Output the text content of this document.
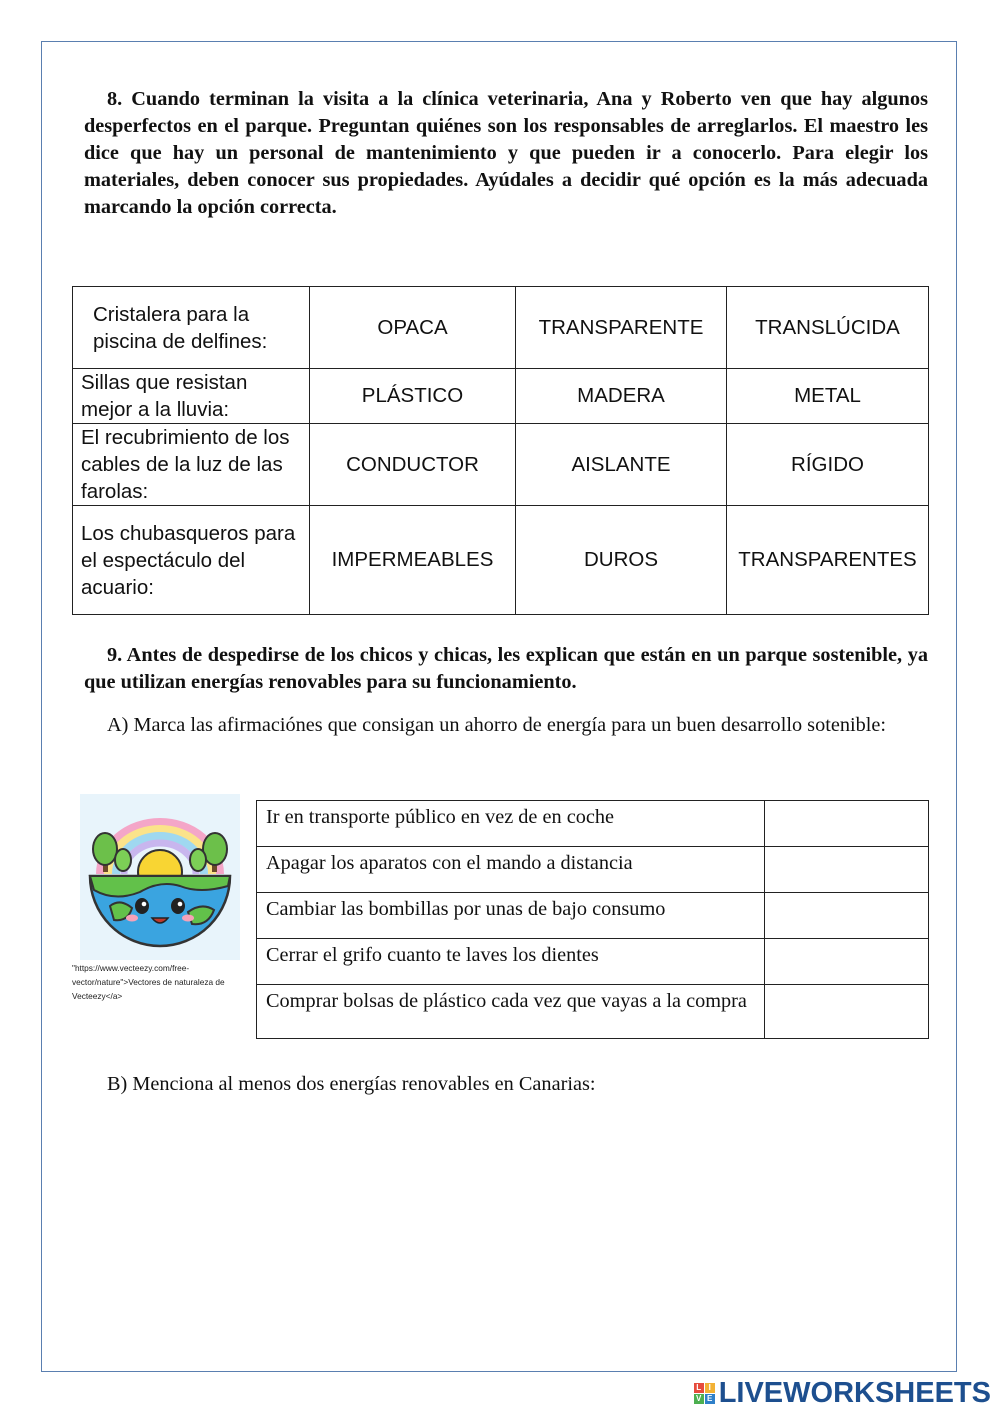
8. Cuando terminan la visita a la clínica veterinaria, Ana y Roberto ven que hay algunos desperfectos en el parque. Preguntan quiénes son los responsables de arreglarlos. El maestro les dice que hay un personal de mantenimiento y que pueden ir a conocerlo. Para elegir los materiales, deben conocer sus propiedades. Ayúdales a decidir qué opción es la más adecuada marcando la opción correcta.

Cristalera para la piscina de delfines:	OPACA	TRANSPARENTE	TRANSLÚCIDA
Sillas que resistan mejor a la lluvia:	PLÁSTICO	MADERA	METAL
El recubrimiento de los cables de la luz de las farolas:	CONDUCTOR	AISLANTE	RÍGIDO
Los chubasqueros para el espectáculo del acuario:	IMPERMEABLES	DUROS	TRANSPARENTES

9. Antes de despedirse de los chicos y chicas, les explican que están en un parque sostenible, ya que utilizan energías renovables para su funcionamiento.

A) Marca las afirmaciónes que consigan un ahorro de energía para un buen desarrollo sotenible:

"https://www.vecteezy.com/free-vector/nature">Vectores de naturaleza de Vecteezy</a>
Ir en transporte público en vez de en coche	
Apagar los aparatos con el mando a distancia	
Cambiar las bombillas por unas de bajo consumo	
Cerrar el grifo cuanto te laves los dientes	
Comprar bolsas de plástico cada vez que vayas a la compra	

B) Menciona al menos dos energías renovables en Canarias:

L I
V E LIVEWORKSHEETS
